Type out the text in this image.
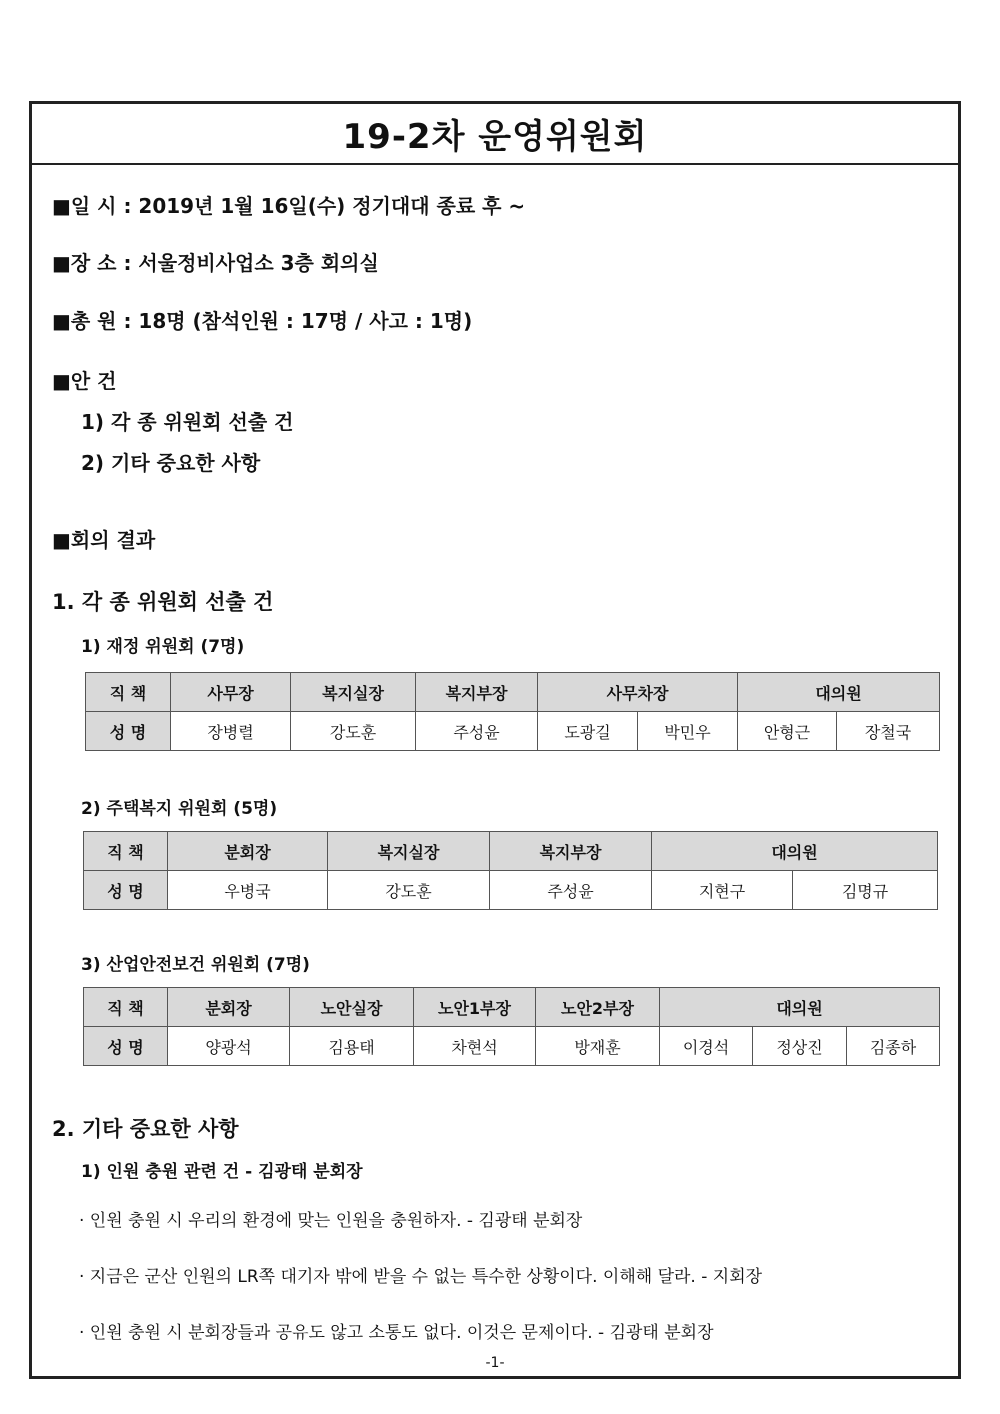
19-2차 운영위원회
■일 시 : 2019년 1월 16일(수) 정기대대 종료 후 ~
■장 소 : 서울정비사업소 3층 회의실
■총 원 : 18명 (참석인원 : 17명 / 사고 : 1명)
■안 건
1) 각 종 위원회 선출 건
2) 기타 중요한 사항
■회의 결과
1. 각 종 위원회 선출 건
1) 재정 위원회 (7명)
직 책	사무장	복지실장	복지부장	사무차장		대의원	
성 명	장병렬	강도훈	주성윤	도광길	박민우	안형근	장철국
2) 주택복지 위원회 (5명)
직 책	분회장	복지실장	복지부장	대의원	
성 명	우병국	강도훈	주성윤	지현구	김명규
3) 산업안전보건 위원회 (7명)
직 책	분회장	노안실장	노안1부장	노안2부장	대의원		
성 명	양광석	김용태	차현석	방재훈	이경석	정상진	김종하
2. 기타 중요한 사항
1) 인원 충원 관련 건 - 김광태 분회장
· 인원 충원 시 우리의 환경에 맞는 인원을 충원하자. - 김광태 분회장
· 지금은 군산 인원의 LR쪽 대기자 밖에 받을 수 없는 특수한 상황이다. 이해해 달라. - 지회장
· 인원 충원 시 분회장들과 공유도 않고 소통도 없다. 이것은 문제이다. - 김광태 분회장
-1-
